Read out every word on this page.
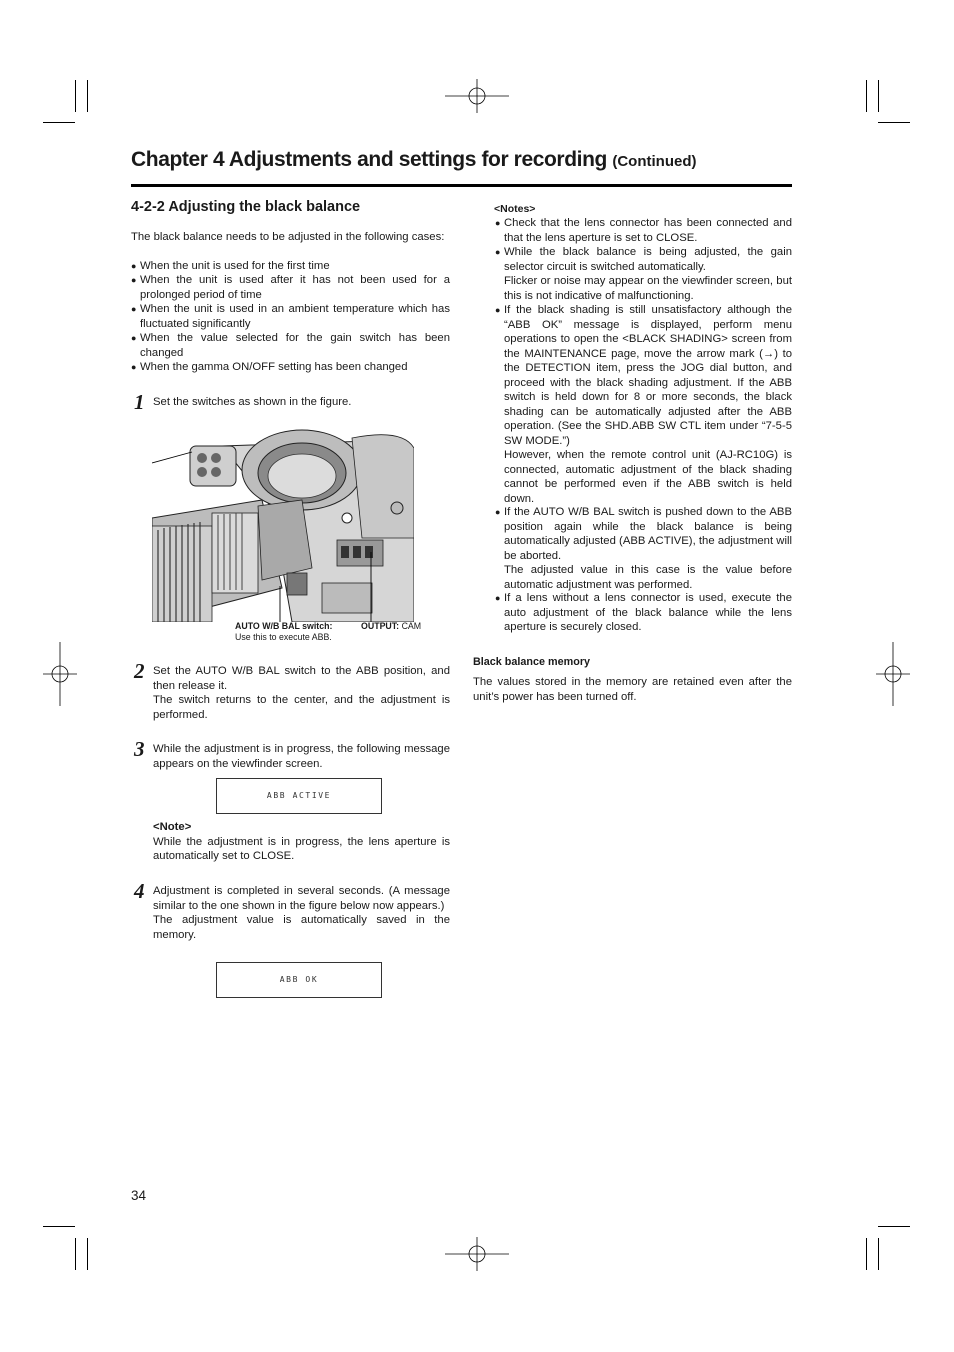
Chapter 4 Adjustments and settings for recording (Continued)
4-2-2 Adjusting the black balance

The black balance needs to be adjusted in the following cases:

● When the unit is used for the first time

● When the unit is used after it has not been used for a prolonged period of time

● When the unit is used in an ambient temperature which has fluctuated significantly

● When the value selected for the gain switch has been changed

● When the gamma ON/OFF setting has been changed

1 Set the switches as shown in the figure.

AUTO W/B BAL switch:
Use this to execute ABB.
OUTPUT: CAM
2 Set the AUTO W/B BAL switch to the ABB position, and then release it.
The switch returns to the center, and the adjustment is performed.

3 While the adjustment is in progress, the following message appears on the viewfinder screen.

ABB ACTIVE

<Note>
While the adjustment is in progress, the lens aperture is automatically set to CLOSE.

4 Adjustment is completed in several seconds. (A message similar to the one shown in the figure below now appears.)
The adjustment value is automatically saved in the memory.

ABB OK
<Notes>

● Check that the lens connector has been connected and that the lens aperture is set to CLOSE.

● While the black balance is being adjusted, the gain selector circuit is switched automatically.
Flicker or noise may appear on the viewfinder screen, but this is not indicative of malfunctioning.

● If the black shading is still unsatisfactory although the “ABB OK” message is displayed, perform menu operations to open the <BLACK SHADING> screen from the MAINTENANCE page, move the arrow mark (→) to the DETECTION item, press the JOG dial button, and proceed with the black shading adjustment. If the ABB switch is held down for 8 or more seconds, the black shading can be automatically adjusted after the ABB operation. (See the SHD.ABB SW CTL item under “7-5-5 SW MODE.”)
However, when the remote control unit (AJ-RC10G) is connected, automatic adjustment of the black shading cannot be performed even if the ABB switch is held down.

● If the AUTO W/B BAL switch is pushed down to the ABB position again while the black balance is being automatically adjusted (ABB ACTIVE), the adjustment will be aborted.
The adjusted value in this case is the value before automatic adjustment was performed.

● If a lens without a lens connector is used, execute the auto adjustment of the black balance while the lens aperture is securely closed.

Black balance memory

The values stored in the memory are retained even after the unit’s power has been turned off.

34
